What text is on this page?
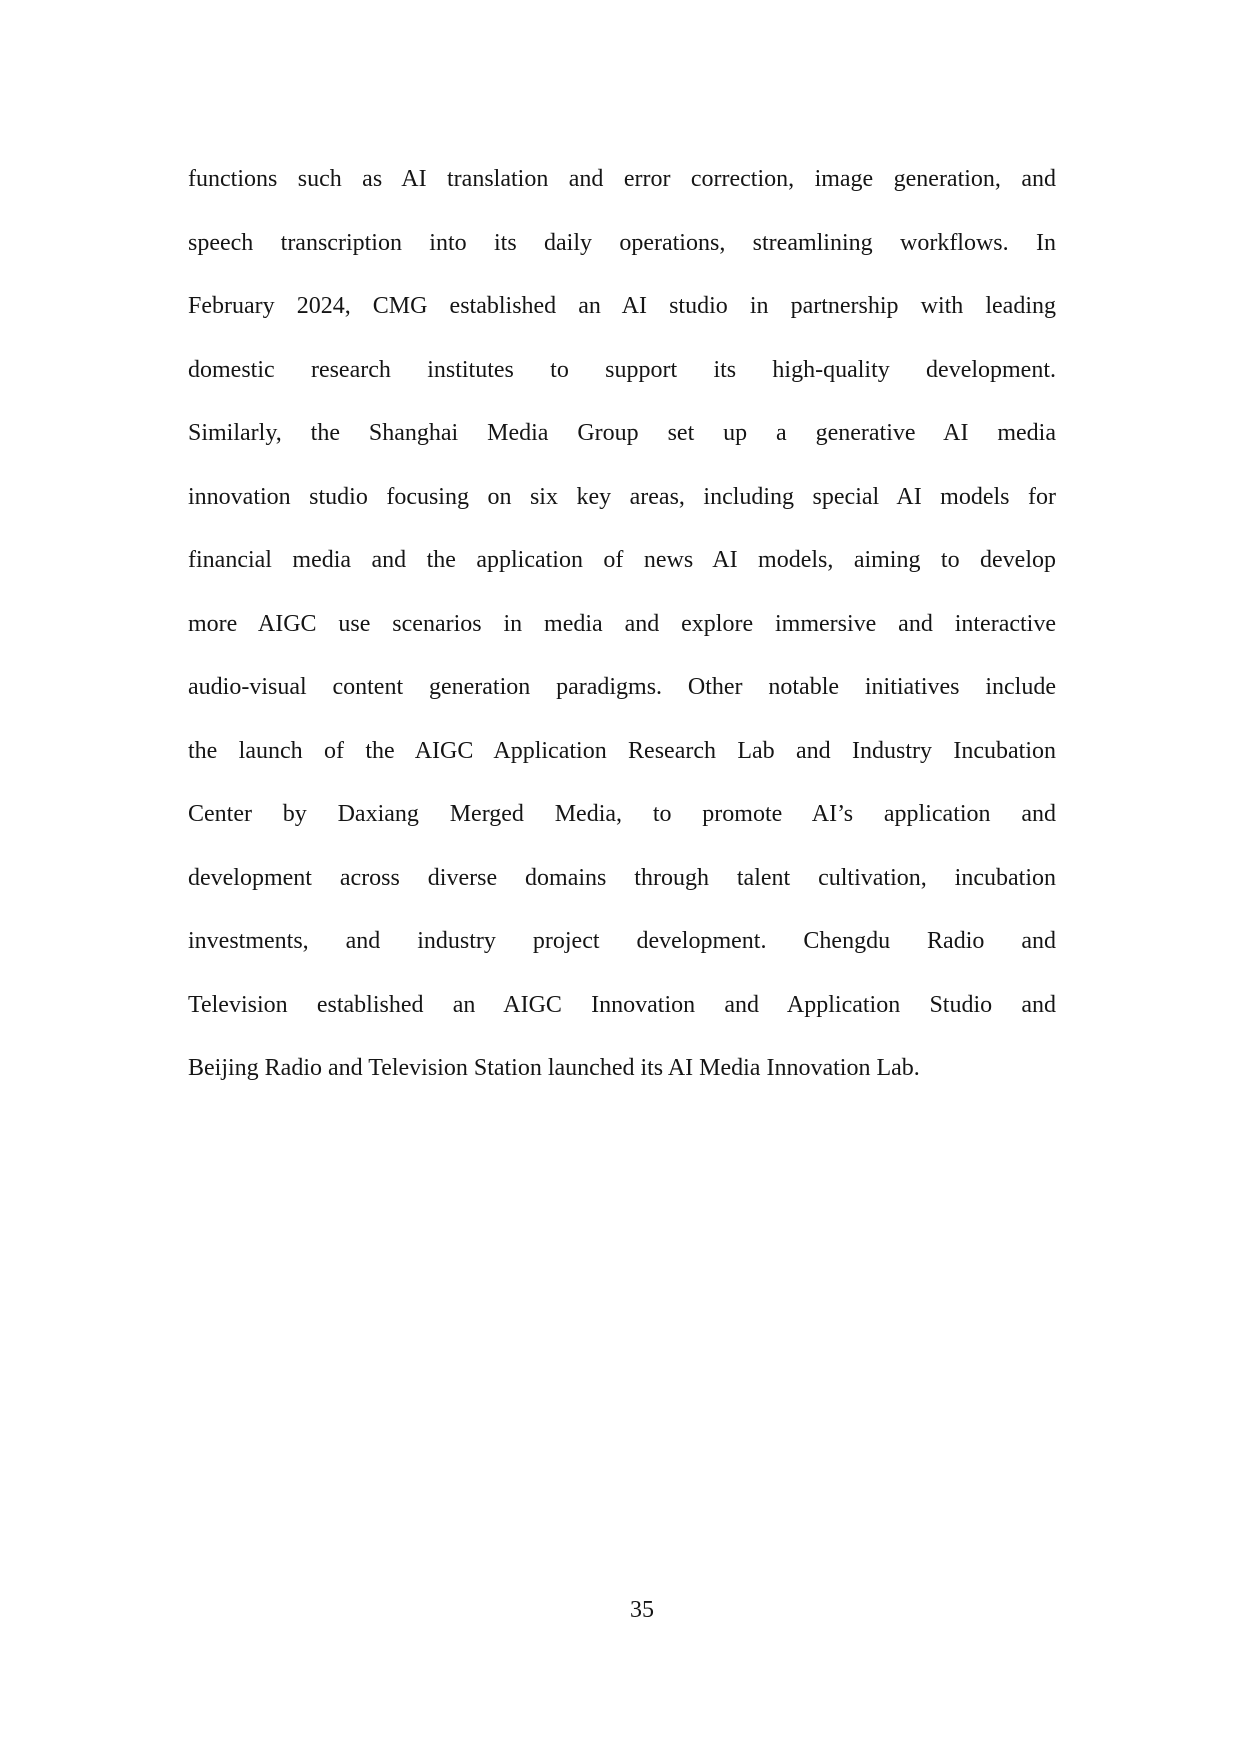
functions such as AI translation and error correction, image generation, and
speech transcription into its daily operations, streamlining workflows. In
February 2024, CMG established an AI studio in partnership with leading
domestic research institutes to support its high-quality development.
Similarly, the Shanghai Media Group set up a generative AI media
innovation studio focusing on six key areas, including special AI models for
financial media and the application of news AI models, aiming to develop
more AIGC use scenarios in media and explore immersive and interactive
audio-visual content generation paradigms. Other notable initiatives include
the launch of the AIGC Application Research Lab and Industry Incubation
Center by Daxiang Merged Media, to promote AI’s application and
development across diverse domains through talent cultivation, incubation
investments, and industry project development. Chengdu Radio and
Television established an AIGC Innovation and Application Studio and
Beijing Radio and Television Station launched its AI Media Innovation Lab.
35
